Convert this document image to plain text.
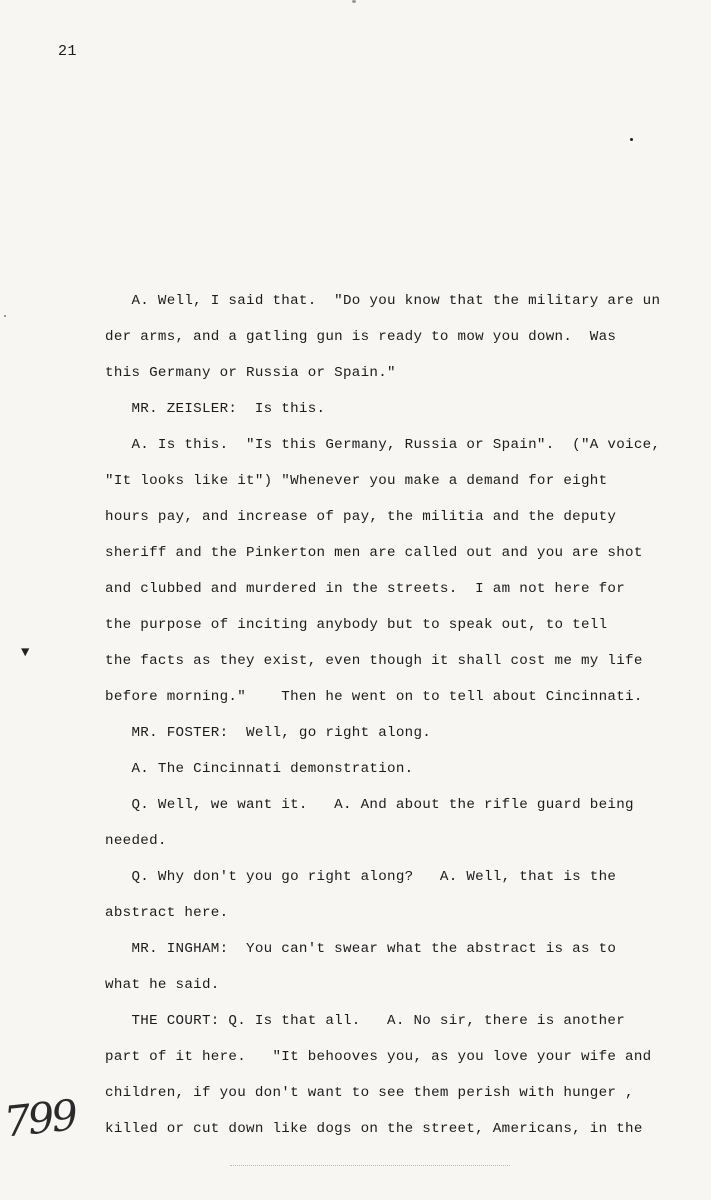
21
▼
A. Well, I said that.  "Do you know that the military are un
der arms, and a gatling gun is ready to mow you down.  Was
this Germany or Russia or Spain."
MR. ZEISLER:  Is this.
A. Is this.  "Is this Germany, Russia or Spain".  ("A voice,
"It looks like it") "Whenever you make a demand for eight
hours pay, and increase of pay, the militia and the deputy
sheriff and the Pinkerton men are called out and you are shot
and clubbed and murdered in the streets.  I am not here for
the purpose of inciting anybody but to speak out, to tell
the facts as they exist, even though it shall cost me my life
before morning."    Then he went on to tell about Cincinnati.
MR. FOSTER:  Well, go right along.
A. The Cincinnati demonstration.
Q. Well, we want it.   A. And about the rifle guard being
needed.
Q. Why don't you go right along?   A. Well, that is the
abstract here.
MR. INGHAM:  You can't swear what the abstract is as to
what he said.
THE COURT: Q. Is that all.   A. No sir, there is another
part of it here.   "It behooves you, as you love your wife and
children, if you don't want to see them perish with hunger ,
killed or cut down like dogs on the street, Americans, in the
799
